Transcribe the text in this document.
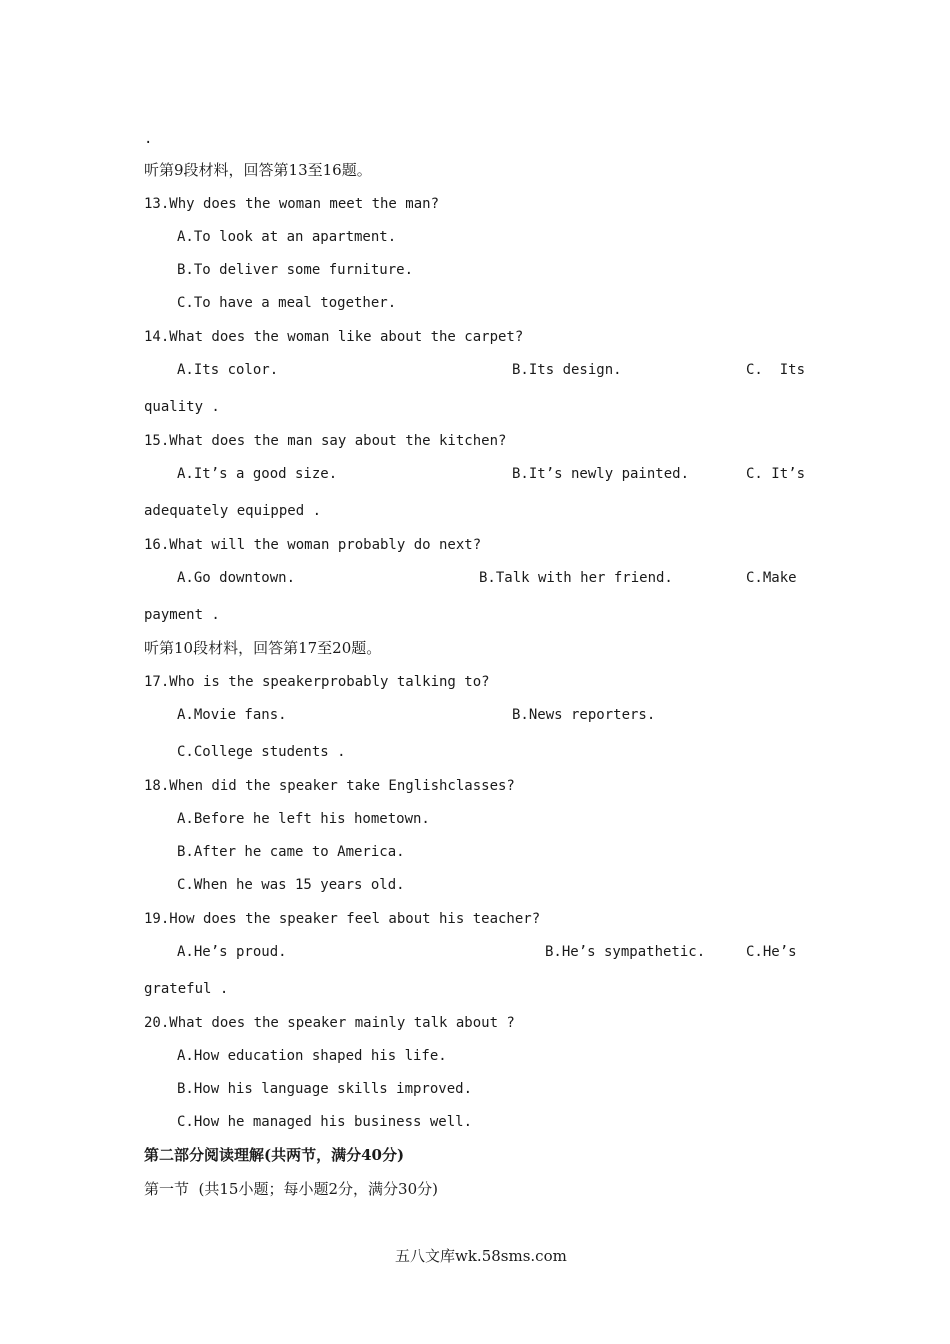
.
听第9段材料，回答第13至16题。
13.Why does the woman meet the man?
A.To look at an apartment.
B.To deliver some furniture.
C.To have a meal together.
14.What does the woman like about the carpet?
A.Its color.	B.Its design.	C.  Its
quality .
15.What does the man say about the kitchen?
A.It’s a good size.	B.It’s newly painted.	C. It’s
adequately equipped .
16.What will the woman probably do next?
A.Go downtown.	B.Talk with her friend.	C.Make
payment .
听第10段材料，回答第17至20题。
17.Who is the speakerprobably talking to?
A.Movie fans.	B.News reporters.
C.College students .
18.When did the speaker take Englishclasses?
A.Before he left his hometown.
B.After he came to America.
C.When he was 15 years old.
19.How does the speaker feel about his teacher?
A.He’s proud.	B.He’s sympathetic.	C.He’s
grateful .
20.What does the speaker mainly talk about ?
A.How education shaped his life.
B.How his language skills improved.
C.How he managed his business well.
第二部分阅读理解(共两节，满分40分)
第一节  (共15小题；每小题2分，满分30分)
五八文库wk.58sms.com
